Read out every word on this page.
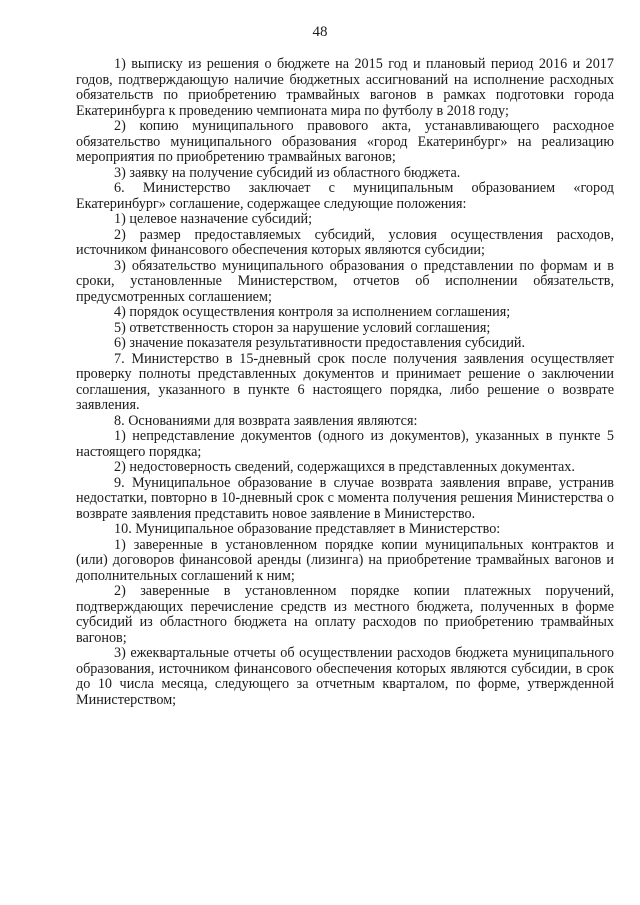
48

1) выписку из решения о бюджете на 2015 год и плановый период 2016 и 2017 годов, подтверждающую наличие бюджетных ассигнований на исполнение расходных обязательств по приобретению трамвайных вагонов в рамках подготовки города Екатеринбурга к проведению чемпионата мира по футболу в 2018 году;

2) копию муниципального правового акта, устанавливающего расходное обязательство муниципального образования «город Екатеринбург» на реализацию мероприятия по приобретению трамвайных вагонов;

3) заявку на получение субсидий из областного бюджета.

6. Министерство заключает с муниципальным образованием «город Екатеринбург» соглашение, содержащее следующие положения:

1) целевое назначение субсидий;

2) размер предоставляемых субсидий, условия осуществления расходов, источником финансового обеспечения которых являются субсидии;

3) обязательство муниципального образования о представлении по формам и в сроки, установленные Министерством, отчетов об исполнении обязательств, предусмотренных соглашением;

4) порядок осуществления контроля за исполнением соглашения;

5) ответственность сторон за нарушение условий соглашения;

6) значение показателя результативности предоставления субсидий.

7. Министерство в 15-дневный срок после получения заявления осуществляет проверку полноты представленных документов и принимает решение о заключении соглашения, указанного в пункте 6 настоящего порядка, либо решение о возврате заявления.

8. Основаниями для возврата заявления являются:

1) непредставление документов (одного из документов), указанных в пункте 5 настоящего порядка;

2) недостоверность сведений, содержащихся в представленных документах.

9. Муниципальное образование в случае возврата заявления вправе, устранив недостатки, повторно в 10-дневный срок с момента получения решения Министерства о возврате заявления представить новое заявление в Министерство.

10. Муниципальное образование представляет в Министерство:

1) заверенные в установленном порядке копии муниципальных контрактов и (или) договоров финансовой аренды (лизинга) на приобретение трамвайных вагонов и дополнительных соглашений к ним;

2) заверенные в установленном порядке копии платежных поручений, подтверждающих перечисление средств из местного бюджета, полученных в форме субсидий из областного бюджета на оплату расходов по приобретению трамвайных вагонов;

3) ежеквартальные отчеты об осуществлении расходов бюджета муниципального образования, источником финансового обеспечения которых являются субсидии, в срок до 10 числа месяца, следующего за отчетным кварталом, по форме, утвержденной Министерством;
